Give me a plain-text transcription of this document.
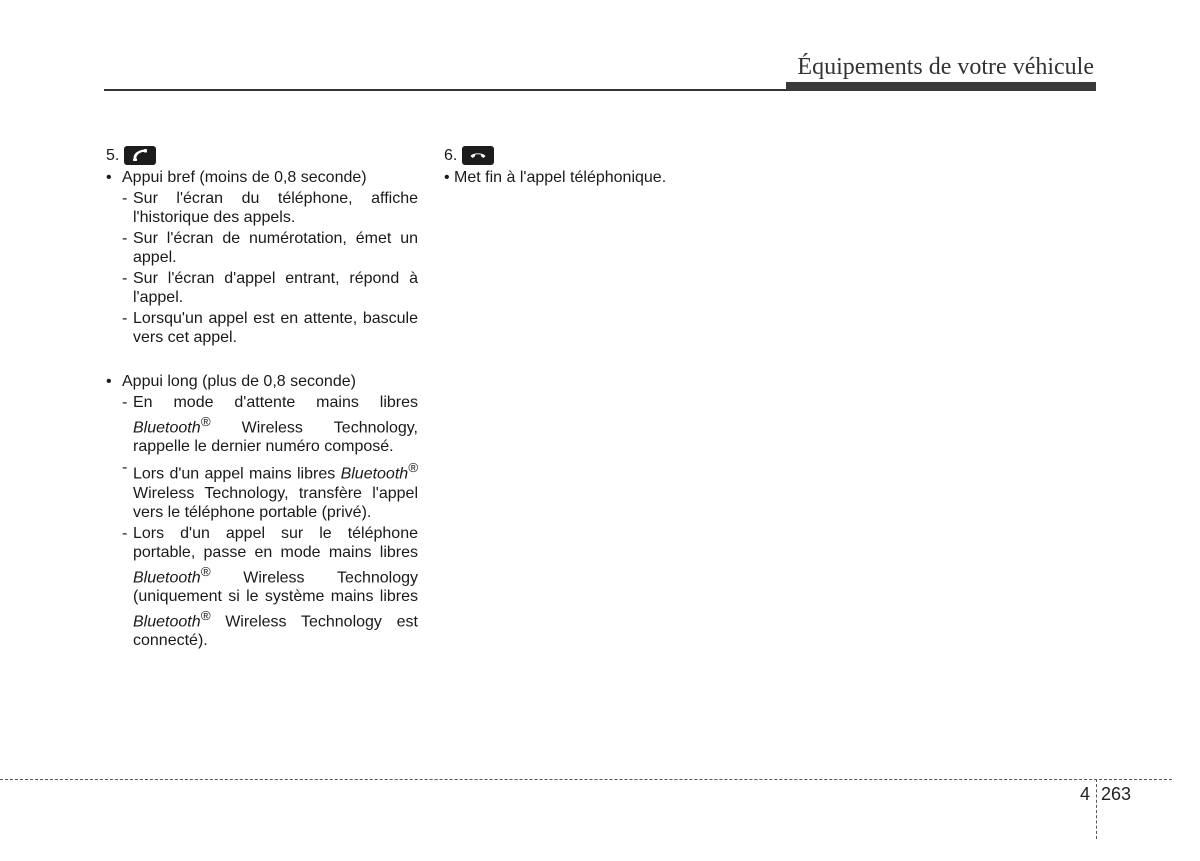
Équipements de votre véhicule
5.
• Appui bref (moins de 0,8 seconde)
- Sur l'écran du téléphone, affiche l'historique des appels.
- Sur l'écran de numérotation, émet un appel.
- Sur l'écran d'appel entrant, répond à l'appel.
- Lorsqu'un appel est en attente, bascule vers cet appel.
• Appui long (plus de 0,8 seconde)
- En mode d'attente mains libres Bluetooth® Wireless Technology, rappelle le dernier numéro composé.
- Lors d'un appel mains libres Bluetooth® Wireless Technology, transfère l'appel vers le téléphone portable (privé).
- Lors d'un appel sur le téléphone portable, passe en mode mains libres Bluetooth® Wireless Technology (uniquement si le système mains libres Bluetooth® Wireless Technology est connecté).
6.
• Met fin à l'appel téléphonique.
4 263
